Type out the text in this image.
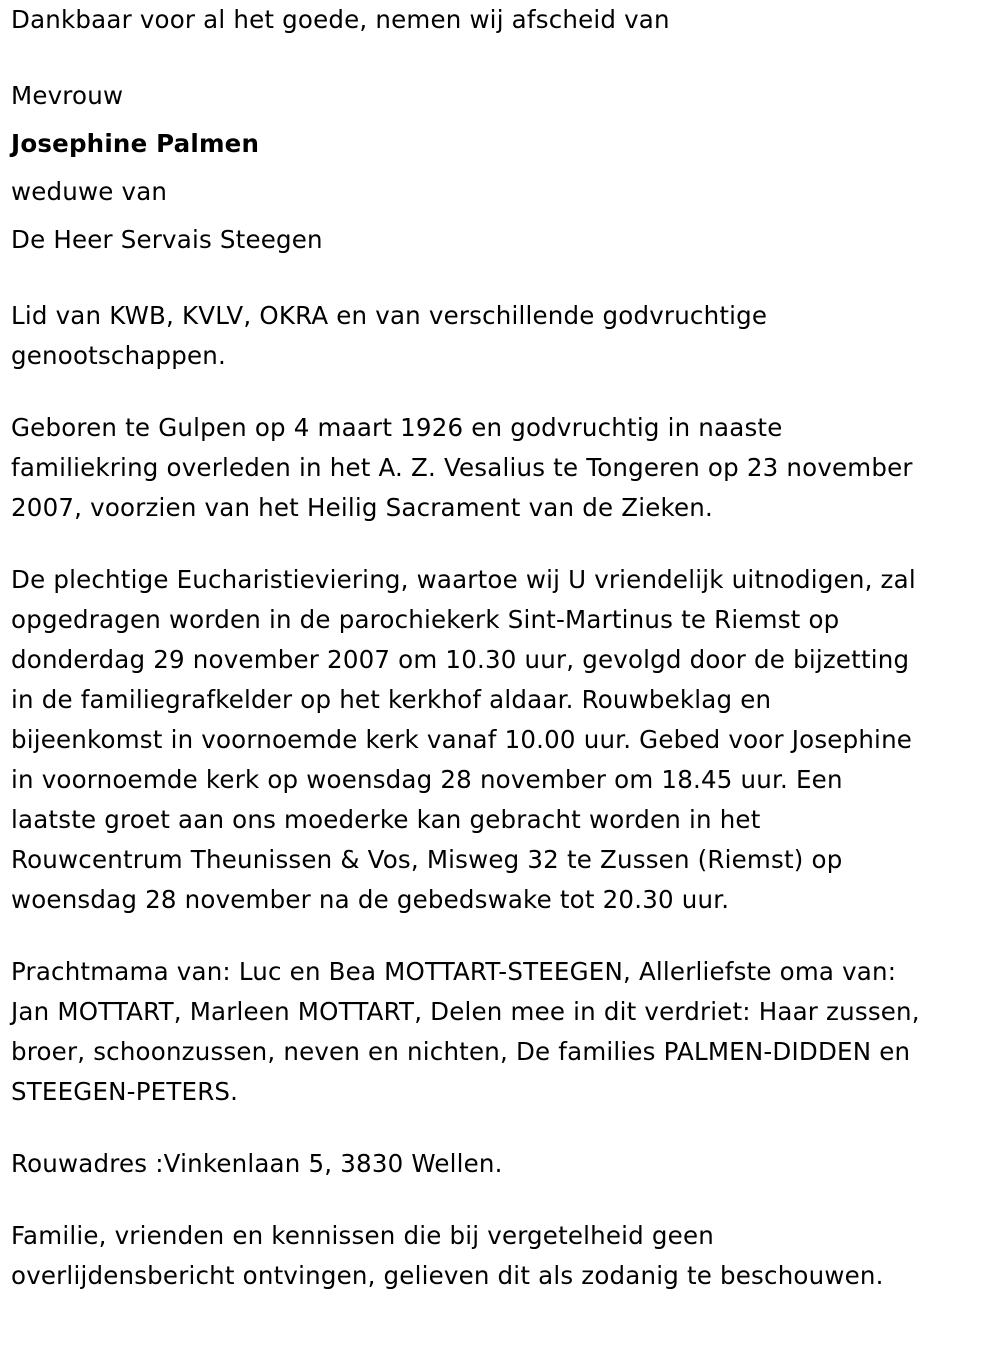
Dankbaar voor al het goede, nemen wij afscheid van
Mevrouw
Josephine Palmen
weduwe van
De Heer Servais Steegen
Lid van KWB, KVLV, OKRA en van verschillende godvruchtige
genootschappen.
Geboren te Gulpen op 4 maart 1926 en godvruchtig in naaste
familiekring overleden in het A. Z. Vesalius te Tongeren op 23 november
2007, voorzien van het Heilig Sacrament van de Zieken.
De plechtige Eucharistieviering, waartoe wij U vriendelijk uitnodigen, zal
opgedragen worden in de parochiekerk Sint-Martinus te Riemst op
donderdag 29 november 2007 om 10.30 uur, gevolgd door de bijzetting
in de familiegrafkelder op het kerkhof aldaar. Rouwbeklag en
bijeenkomst in voornoemde kerk vanaf 10.00 uur. Gebed voor Josephine
in voornoemde kerk op woensdag 28 november om 18.45 uur. Een
laatste groet aan ons moederke kan gebracht worden in het
Rouwcentrum Theunissen & Vos, Misweg 32 te Zussen (Riemst) op
woensdag 28 november na de gebedswake tot 20.30 uur.
Prachtmama van: Luc en Bea MOTTART-STEEGEN, Allerliefste oma van:
Jan MOTTART, Marleen MOTTART, Delen mee in dit verdriet: Haar zussen,
broer, schoonzussen, neven en nichten, De families PALMEN-DIDDEN en
STEEGEN-PETERS.
Rouwadres :Vinkenlaan 5, 3830 Wellen.
Familie, vrienden en kennissen die bij vergetelheid geen
overlijdensbericht ontvingen, gelieven dit als zodanig te beschouwen.
